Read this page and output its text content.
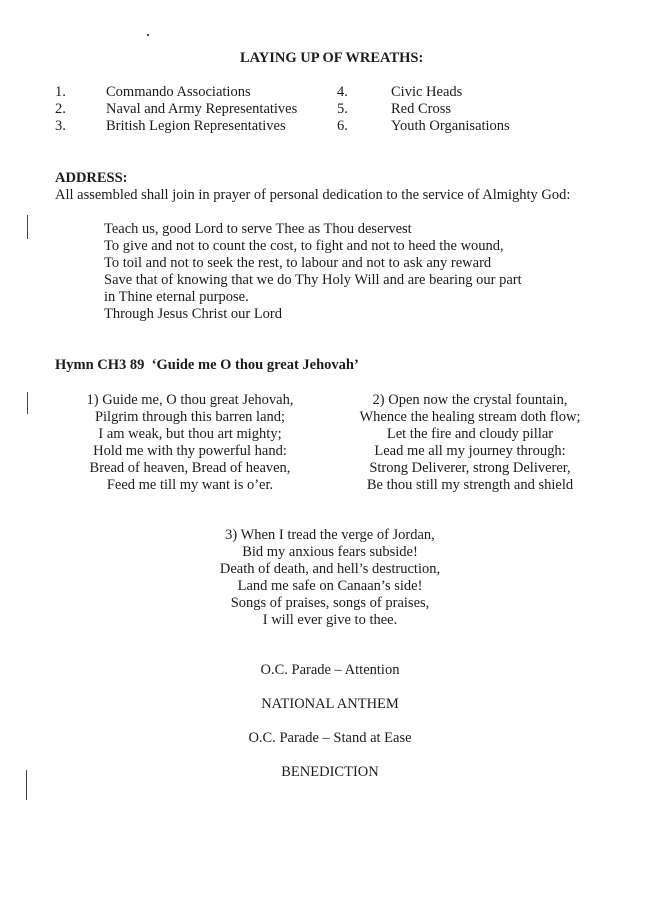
LAYING UP OF WREATHS:
1.	Commando Associations
2.	Naval and Army Representatives
3.	British Legion Representatives
4.	Civic Heads
5.	Red Cross
6.	Youth Organisations
ADDRESS:
All assembled shall join in prayer of personal dedication to the service of Almighty God:
Teach us, good Lord to serve Thee as Thou deservest
To give and not to count the cost, to fight and not to heed the wound,
To toil and not to seek the rest, to labour and not to ask any reward
Save that of knowing that we do Thy Holy Will and are bearing our part
in Thine eternal purpose.
Through Jesus Christ our Lord
Hymn CH3 89  ‘Guide me O thou great Jehovah’
1) Guide me, O thou great Jehovah,
Pilgrim through this barren land;
I am weak, but thou art mighty;
Hold me with thy powerful hand:
Bread of heaven, Bread of heaven,
Feed me till my want is o’er.
2) Open now the crystal fountain,
Whence the healing stream doth flow;
Let the fire and cloudy pillar
Lead me all my journey through:
Strong Deliverer, strong Deliverer,
Be thou still my strength and shield
3) When I tread the verge of Jordan,
Bid my anxious fears subside!
Death of death, and hell’s destruction,
Land me safe on Canaan’s side!
Songs of praises, songs of praises,
I will ever give to thee.
O.C. Parade – Attention
NATIONAL ANTHEM
O.C. Parade – Stand at Ease
BENEDICTION
